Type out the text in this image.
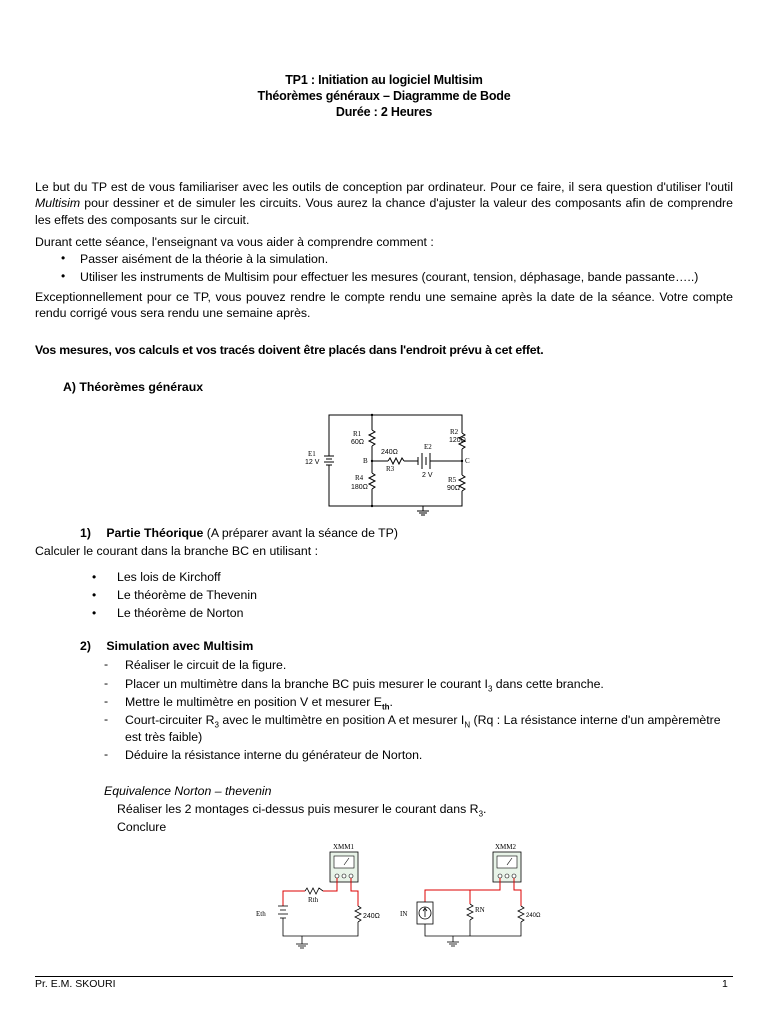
TP1 : Initiation au logiciel Multisim
Théorèmes généraux – Diagramme de Bode
Durée : 2 Heures
Le but du TP est de vous familiariser avec les outils de conception par ordinateur. Pour ce faire, il sera question d'utiliser l'outil Multisim pour dessiner et de simuler les circuits. Vous aurez la chance d'ajuster la valeur des composants afin de comprendre les effets des composants sur le circuit.
Durant cette séance, l'enseignant va vous aider à comprendre comment :
• Passer aisément de la théorie à la simulation.
• Utiliser les instruments de Multisim pour effectuer les mesures (courant, tension, déphasage, bande passante…..)
Exceptionnellement pour ce TP, vous pouvez rendre le compte rendu une semaine après la date de la séance. Votre compte rendu corrigé vous sera rendu une semaine après.
Vos mesures, vos calculs et vos tracés doivent être placés dans l'endroit prévu à cet effet.
A) Théorèmes généraux
R1
60Ω
R2
120Ω
240Ω
R3
R4
180Ω
R5
90Ω
E1
12 V
E2
2 V
B	C
1) Partie Théorique (A préparer avant la séance de TP)
Calculer le courant dans la branche BC en utilisant :
• Les lois de Kirchoff
• Le théorème de Thevenin
• Le théorème de Norton
2) Simulation avec Multisim
- Réaliser le circuit de la figure.
- Placer un multimètre dans la branche BC puis mesurer le courant $I_3$ dans cette branche.
- Mettre le multimètre en position V et mesurer $E_{th}$.
- Court-circuiter $R_3$ avec le multimètre en position A et mesurer $I_N$ (Rq : La résistance interne d'un ampèremètre
est très faible)
- Déduire la résistance interne du générateur de Norton.
Equivalence Norton – thevenin
Réaliser les 2 montages ci-dessus puis mesurer le courant dans $R_3$.
Conclure
XMM1
Rth
Eth	240Ω
XMM2
IN	RN
240Ω
Pr. E.M. SKOURI	1
